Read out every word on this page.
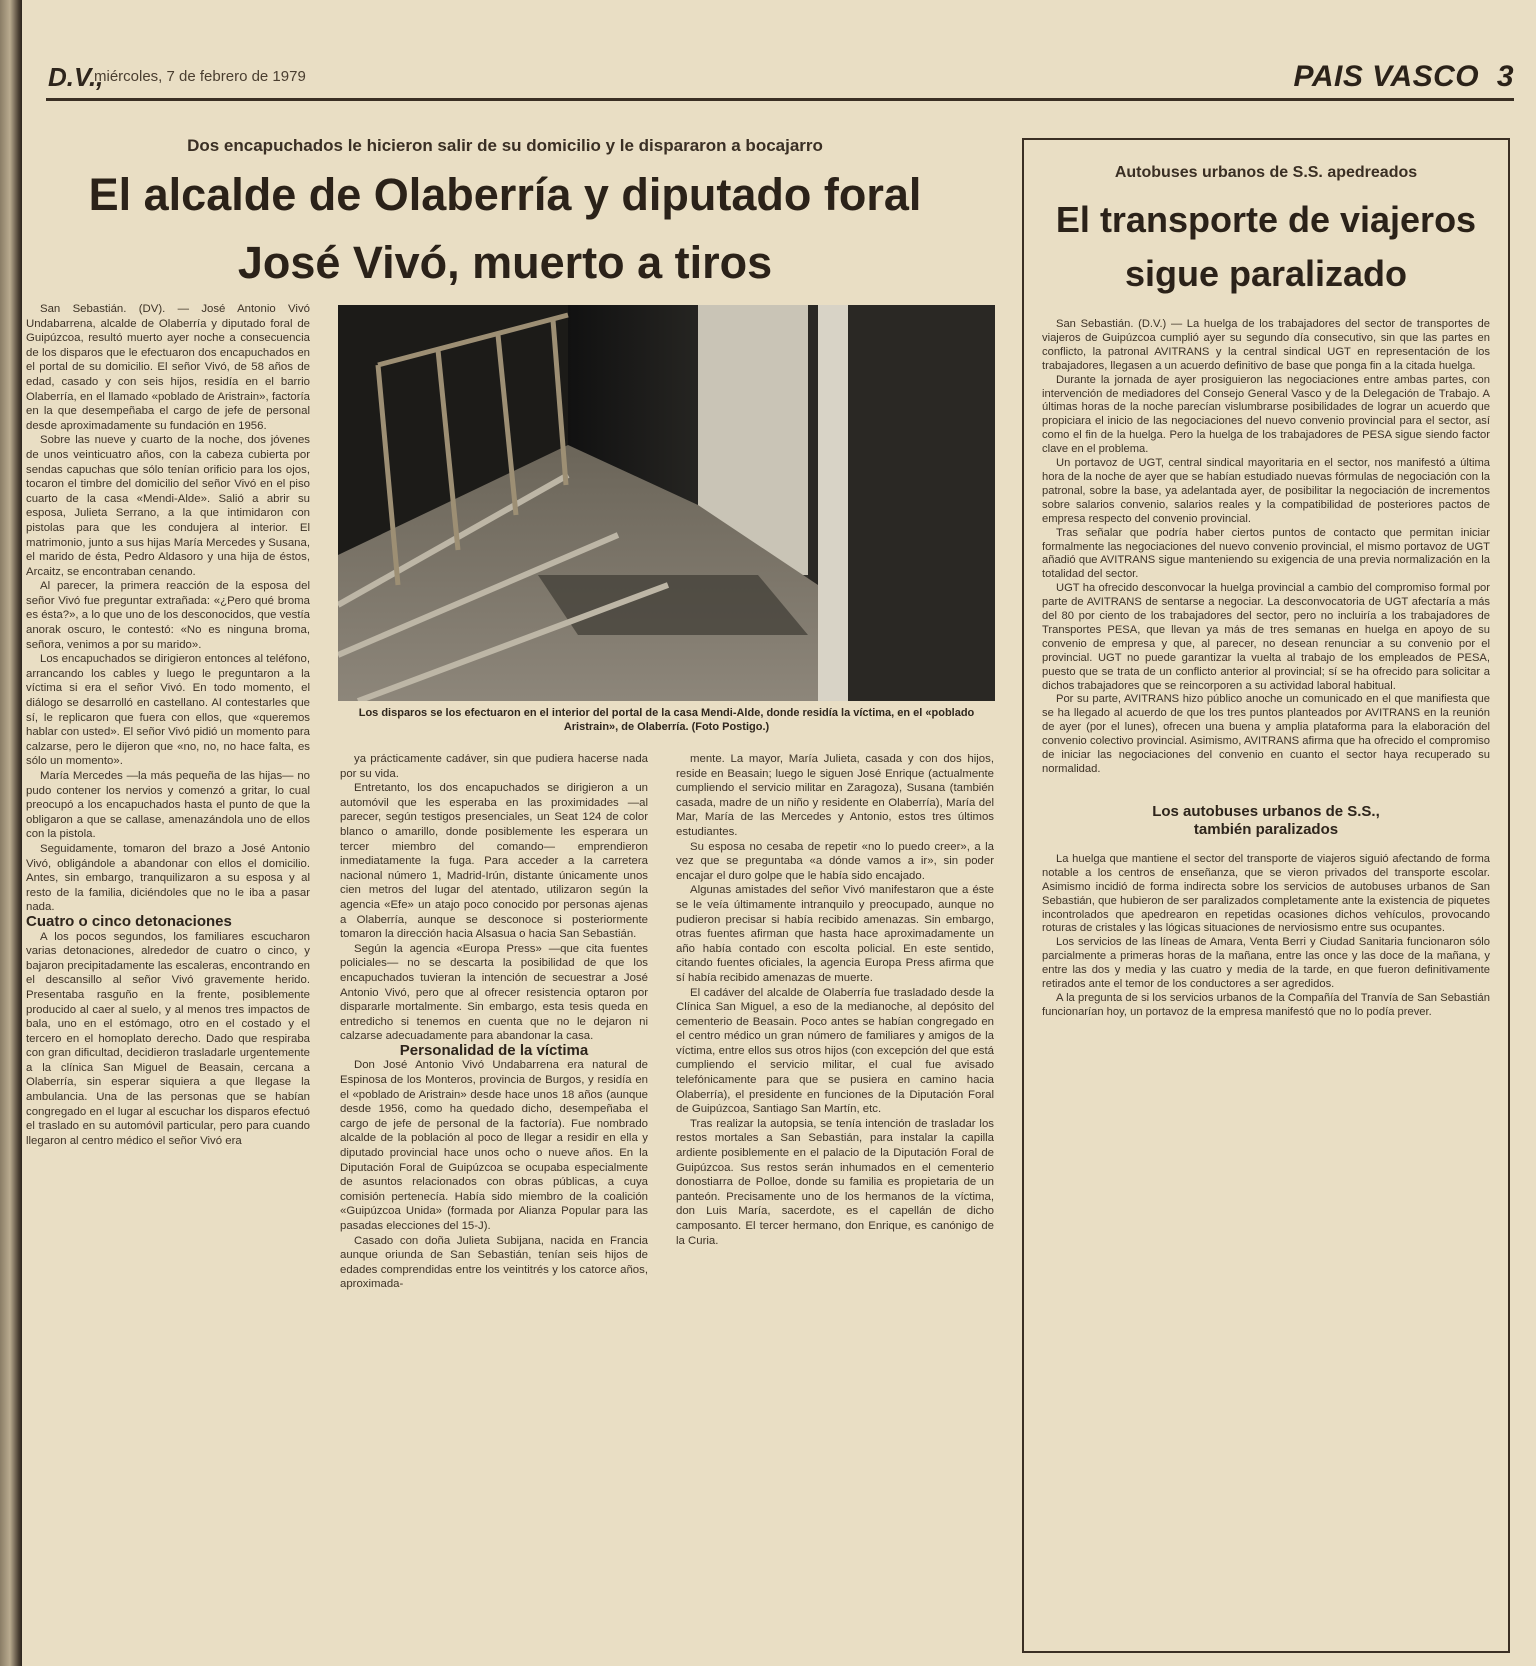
D.V.,
miércoles, 7 de febrero de 1979	PAIS VASCO 3
Dos encapuchados le hicieron salir de su domicilio y le dispararon a bocajarro
El alcalde de Olaberría y diputado foral
José Vivó, muerto a tiros
Los disparos se los efectuaron en el interior del portal de la casa Mendi-Alde, donde residía la víctima, en el «poblado Aristrain», de Olaberría. (Foto Postigo.)

San Sebastián. (DV). — José Antonio Vivó Undabarrena, alcalde de Olaberría y diputado foral de Guipúzcoa, resultó muerto ayer noche a consecuencia de los disparos que le efectuaron dos encapuchados en el portal de su domicilio. El señor Vivó, de 58 años de edad, casado y con seis hijos, residía en el barrio Olaberría, en el llamado «poblado de Aristrain», factoría en la que desempeñaba el cargo de jefe de personal desde aproximadamente su fundación en 1956.

Sobre las nueve y cuarto de la noche, dos jóvenes de unos veinticuatro años, con la cabeza cubierta por sendas capuchas que sólo tenían orificio para los ojos, tocaron el timbre del domicilio del señor Vivó en el piso cuarto de la casa «Mendi-Alde». Salió a abrir su esposa, Julieta Serrano, a la que intimidaron con pistolas para que les condujera al interior. El matrimonio, junto a sus hijas María Mercedes y Susana, el marido de ésta, Pedro Aldasoro y una hija de éstos, Arcaitz, se encontraban cenando.

Al parecer, la primera reacción de la esposa del señor Vivó fue preguntar extrañada: «¿Pero qué broma es ésta?», a lo que uno de los desconocidos, que vestía anorak oscuro, le contestó: «No es ninguna broma, señora, venimos a por su marido».

Los encapuchados se dirigieron entonces al teléfono, arrancando los cables y luego le preguntaron a la víctima si era el señor Vivó. En todo momento, el diálogo se desarrolló en castellano. Al contestarles que sí, le replicaron que fuera con ellos, que «queremos hablar con usted». El señor Vivó pidió un momento para calzarse, pero le dijeron que «no, no, no hace falta, es sólo un momento».

María Mercedes —la más pequeña de las hijas— no pudo contener los nervios y comenzó a gritar, lo cual preocupó a los encapuchados hasta el punto de que la obligaron a que se callase, amenazándola uno de ellos con la pistola.

Seguidamente, tomaron del brazo a José Antonio Vivó, obligándole a abandonar con ellos el domicilio. Antes, sin embargo, tranquilizaron a su esposa y al resto de la familia, diciéndoles que no le iba a pasar nada.

Cuatro o cinco detonaciones

A los pocos segundos, los familiares escucharon varias detonaciones, alrededor de cuatro o cinco, y bajaron precipitadamente las escaleras, encontrando en el descansillo al señor Vivó gravemente herido. Presentaba rasguño en la frente, posiblemente producido al caer al suelo, y al menos tres impactos de bala, uno en el estómago, otro en el costado y el tercero en el homoplato derecho. Dado que respiraba con gran dificultad, decidieron trasladarle urgentemente a la clínica San Miguel de Beasain, cercana a Olaberría, sin esperar siquiera a que llegase la ambulancia. Una de las personas que se habían congregado en el lugar al escuchar los disparos efectuó el traslado en su automóvil particular, pero para cuando llegaron al centro médico el señor Vivó era

ya prácticamente cadáver, sin que pudiera hacerse nada por su vida.

Entretanto, los dos encapuchados se dirigieron a un automóvil que les esperaba en las proximidades —al parecer, según testigos presenciales, un Seat 124 de color blanco o amarillo, donde posiblemente les esperara un tercer miembro del comando— emprendieron inmediatamente la fuga. Para acceder a la carretera nacional número 1, Madrid-Irún, distante únicamente unos cien metros del lugar del atentado, utilizaron según la agencia «Efe» un atajo poco conocido por personas ajenas a Olaberría, aunque se desconoce si posteriormente tomaron la dirección hacia Alsasua o hacia San Sebastián.

Según la agencia «Europa Press» —que cita fuentes policiales— no se descarta la posibilidad de que los encapuchados tuvieran la intención de secuestrar a José Antonio Vivó, pero que al ofrecer resistencia optaron por dispararle mortalmente. Sin embargo, esta tesis queda en entredicho si tenemos en cuenta que no le dejaron ni calzarse adecuadamente para abandonar la casa.

Personalidad de la víctima

Don José Antonio Vivó Undabarrena era natural de Espinosa de los Monteros, provincia de Burgos, y residía en el «poblado de Aristrain» desde hace unos 18 años (aunque desde 1956, como ha quedado dicho, desempeñaba el cargo de jefe de personal de la factoría). Fue nombrado alcalde de la población al poco de llegar a residir en ella y diputado provincial hace unos ocho o nueve años. En la Diputación Foral de Guipúzcoa se ocupaba especialmente de asuntos relacionados con obras públicas, a cuya comisión pertenecía. Había sido miembro de la coalición «Guipúzcoa Unida» (formada por Alianza Popular para las pasadas elecciones del 15-J).

Casado con doña Julieta Subijana, nacida en Francia aunque oriunda de San Sebastián, tenían seis hijos de edades comprendidas entre los veintitrés y los catorce años, aproximada-

mente. La mayor, María Julieta, casada y con dos hijos, reside en Beasain; luego le siguen José Enrique (actualmente cumpliendo el servicio militar en Zaragoza), Susana (también casada, madre de un niño y residente en Olaberría), María del Mar, María de las Mercedes y Antonio, estos tres últimos estudiantes.

Su esposa no cesaba de repetir «no lo puedo creer», a la vez que se preguntaba «a dónde vamos a ir», sin poder encajar el duro golpe que le había sido encajado.

Algunas amistades del señor Vivó manifestaron que a éste se le veía últimamente intranquilo y preocupado, aunque no pudieron precisar si había recibido amenazas. Sin embargo, otras fuentes afirman que hasta hace aproximadamente un año había contado con escolta policial. En este sentido, citando fuentes oficiales, la agencia Europa Press afirma que sí había recibido amenazas de muerte.

El cadáver del alcalde de Olaberría fue trasladado desde la Clínica San Miguel, a eso de la medianoche, al depósito del cementerio de Beasain. Poco antes se habían congregado en el centro médico un gran número de familiares y amigos de la víctima, entre ellos sus otros hijos (con excepción del que está cumpliendo el servicio militar, el cual fue avisado telefónicamente para que se pusiera en camino hacia Olaberría), el presidente en funciones de la Diputación Foral de Guipúzcoa, Santiago San Martín, etc.

Tras realizar la autopsia, se tenía intención de trasladar los restos mortales a San Sebastián, para instalar la capilla ardiente posiblemente en el palacio de la Diputación Foral de Guipúzcoa. Sus restos serán inhumados en el cementerio donostiarra de Polloe, donde su familia es propietaria de un panteón. Precisamente uno de los hermanos de la víctima, don Luis María, sacerdote, es el capellán de dicho camposanto. El tercer hermano, don Enrique, es canónigo de la Curia.

Autobuses urbanos de S.S. apedreados
El transporte de viajeros
sigue paralizado

San Sebastián. (D.V.) — La huelga de los trabajadores del sector de transportes de viajeros de Guipúzcoa cumplió ayer su segundo día consecutivo, sin que las partes en conflicto, la patronal AVITRANS y la central sindical UGT en representación de los trabajadores, llegasen a un acuerdo definitivo de base que ponga fin a la citada huelga.

Durante la jornada de ayer prosiguieron las negociaciones entre ambas partes, con intervención de mediadores del Consejo General Vasco y de la Delegación de Trabajo. A últimas horas de la noche parecían vislumbrarse posibilidades de lograr un acuerdo que propiciara el inicio de las negociaciones del nuevo convenio provincial para el sector, así como el fin de la huelga. Pero la huelga de los trabajadores de PESA sigue siendo factor clave en el problema.

Un portavoz de UGT, central sindical mayoritaria en el sector, nos manifestó a última hora de la noche de ayer que se habían estudiado nuevas fórmulas de negociación con la patronal, sobre la base, ya adelantada ayer, de posibilitar la negociación de incrementos sobre salarios convenio, salarios reales y la compatibilidad de posteriores pactos de empresa respecto del convenio provincial.

Tras señalar que podría haber ciertos puntos de contacto que permitan iniciar formalmente las negociaciones del nuevo convenio provincial, el mismo portavoz de UGT añadió que AVITRANS sigue manteniendo su exigencia de una previa normalización en la totalidad del sector.

UGT ha ofrecido desconvocar la huelga provincial a cambio del compromiso formal por parte de AVITRANS de sentarse a negociar. La desconvocatoria de UGT afectaría a más del 80 por ciento de los trabajadores del sector, pero no incluiría a los trabajadores de Transportes PESA, que llevan ya más de tres semanas en huelga en apoyo de su convenio de empresa y que, al parecer, no desean renunciar a su convenio por el provincial. UGT no puede garantizar la vuelta al trabajo de los empleados de PESA, puesto que se trata de un conflicto anterior al provincial; sí se ha ofrecido para solicitar a dichos trabajadores que se reincorporen a su actividad laboral habitual.

Por su parte, AVITRANS hizo público anoche un comunicado en el que manifiesta que se ha llegado al acuerdo de que los tres puntos planteados por AVITRANS en la reunión de ayer (por el lunes), ofrecen una buena y amplia plataforma para la elaboración del convenio colectivo provincial. Asimismo, AVITRANS afirma que ha ofrecido el compromiso de iniciar las negociaciones del convenio en cuanto el sector haya recuperado su normalidad.

Los autobuses urbanos de S.S., también paralizados

La huelga que mantiene el sector del transporte de viajeros siguió afectando de forma notable a los centros de enseñanza, que se vieron privados del transporte escolar. Asimismo incidió de forma indirecta sobre los servicios de autobuses urbanos de San Sebastián, que hubieron de ser paralizados completamente ante la existencia de piquetes incontrolados que apedrearon en repetidas ocasiones dichos vehículos, provocando roturas de cristales y las lógicas situaciones de nerviosismo entre sus ocupantes.

Los servicios de las líneas de Amara, Venta Berri y Ciudad Sanitaria funcionaron sólo parcialmente a primeras horas de la mañana, entre las once y las doce de la mañana, y entre las dos y media y las cuatro y media de la tarde, en que fueron definitivamente retirados ante el temor de los conductores a ser agredidos.

A la pregunta de si los servicios urbanos de la Compañía del Tranvía de San Sebastián funcionarían hoy, un portavoz de la empresa manifestó que no lo podía prever.
